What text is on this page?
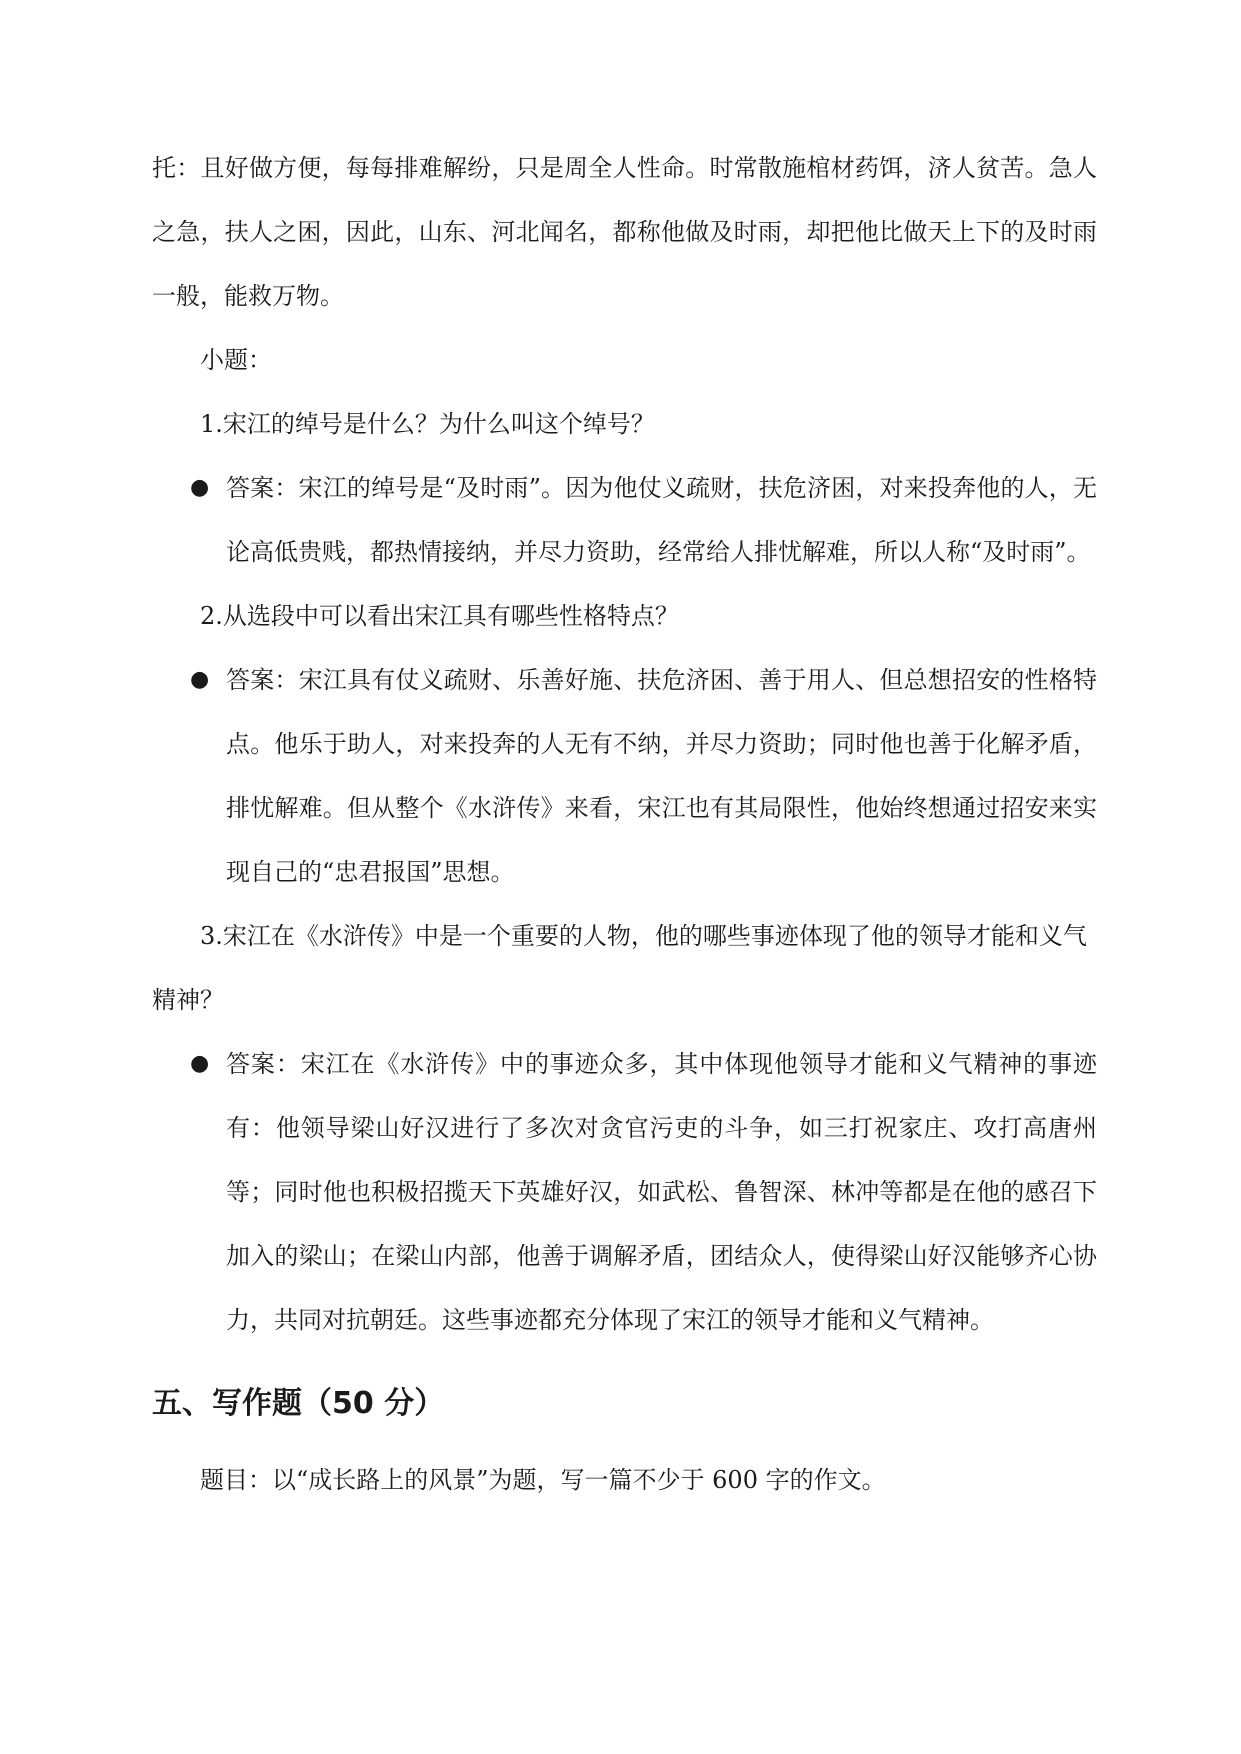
托：且好做方便，每每排难解纷，只是周全人性命。时常散施棺材药饵，济人贫苦。急人之急，扶人之困，因此，山东、河北闻名，都称他做及时雨，却把他比做天上下的及时雨一般，能救万物。

小题：

1.宋江的绰号是什么？为什么叫这个绰号？

● 答案：宋江的绰号是“及时雨”。因为他仗义疏财，扶危济困，对来投奔他的人，无论高低贵贱，都热情接纳，并尽力资助，经常给人排忧解难，所以人称“及时雨”。

2.从选段中可以看出宋江具有哪些性格特点？

● 答案：宋江具有仗义疏财、乐善好施、扶危济困、善于用人、但总想招安的性格特点。他乐于助人，对来投奔的人无有不纳，并尽力资助；同时他也善于化解矛盾，排忧解难。但从整个《水浒传》来看，宋江也有其局限性，他始终想通过招安来实现自己的“忠君报国”思想。

3.宋江在《水浒传》中是一个重要的人物，他的哪些事迹体现了他的领导才能和义气精神？

● 答案：宋江在《水浒传》中的事迹众多，其中体现他领导才能和义气精神的事迹有：他领导梁山好汉进行了多次对贪官污吏的斗争，如三打祝家庄、攻打高唐州等；同时他也积极招揽天下英雄好汉，如武松、鲁智深、林冲等都是在他的感召下加入的梁山；在梁山内部，他善于调解矛盾，团结众人，使得梁山好汉能够齐心协力，共同对抗朝廷。这些事迹都充分体现了宋江的领导才能和义气精神。
五、写作题（50 分）

题目：以“成长路上的风景”为题，写一篇不少于 600 字的作文。
